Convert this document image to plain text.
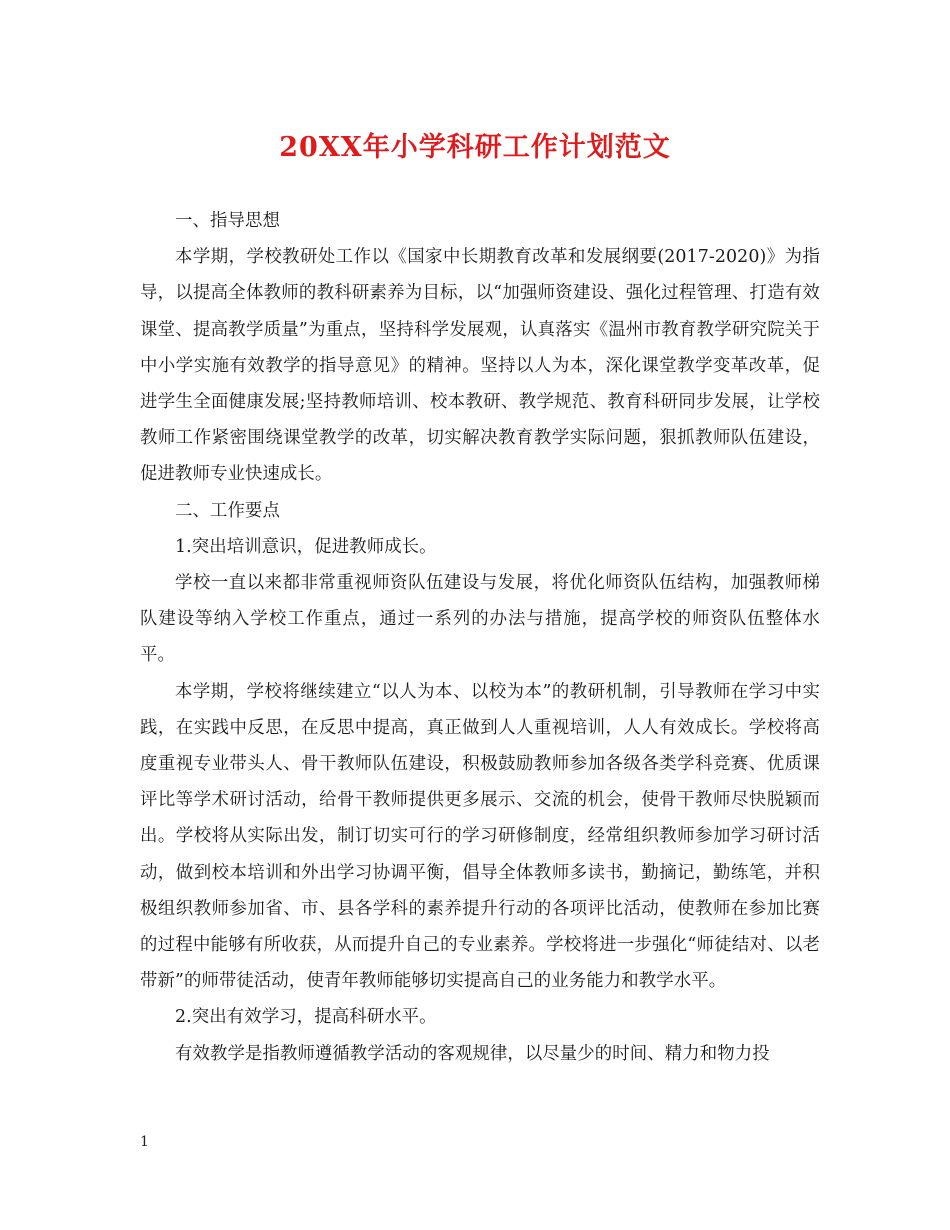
20XX年小学科研工作计划范文

一、指导思想

本学期，学校教研处工作以《国家中长期教育改革和发展纲要(2017-2020)》为指导，以提高全体教师的教科研素养为目标，以“加强师资建设、强化过程管理、打造有效课堂、提高教学质量”为重点，坚持科学发展观，认真落实《温州市教育教学研究院关于中小学实施有效教学的指导意见》的精神。坚持以人为本，深化课堂教学变革改革，促进学生全面健康发展;坚持教师培训、校本教研、教学规范、教育科研同步发展，让学校教师工作紧密围绕课堂教学的改革，切实解决教育教学实际问题，狠抓教师队伍建设，促进教师专业快速成长。

二、工作要点

1.突出培训意识，促进教师成长。

学校一直以来都非常重视师资队伍建设与发展，将优化师资队伍结构，加强教师梯队建设等纳入学校工作重点，通过一系列的办法与措施，提高学校的师资队伍整体水平。

本学期，学校将继续建立“以人为本、以校为本”的教研机制，引导教师在学习中实践，在实践中反思，在反思中提高，真正做到人人重视培训，人人有效成长。学校将高度重视专业带头人、骨干教师队伍建设，积极鼓励教师参加各级各类学科竞赛、优质课评比等学术研讨活动，给骨干教师提供更多展示、交流的机会，使骨干教师尽快脱颖而出。学校将从实际出发，制订切实可行的学习研修制度，经常组织教师参加学习研讨活动，做到校本培训和外出学习协调平衡，倡导全体教师多读书，勤摘记，勤练笔，并积极组织教师参加省、市、县各学科的素养提升行动的各项评比活动，使教师在参加比赛的过程中能够有所收获，从而提升自己的专业素养。学校将进一步强化“师徒结对、以老带新”的师带徒活动，使青年教师能够切实提高自己的业务能力和教学水平。

2.突出有效学习，提高科研水平。

有效教学是指教师遵循教学活动的客观规律，以尽量少的时间、精力和物力投

1
